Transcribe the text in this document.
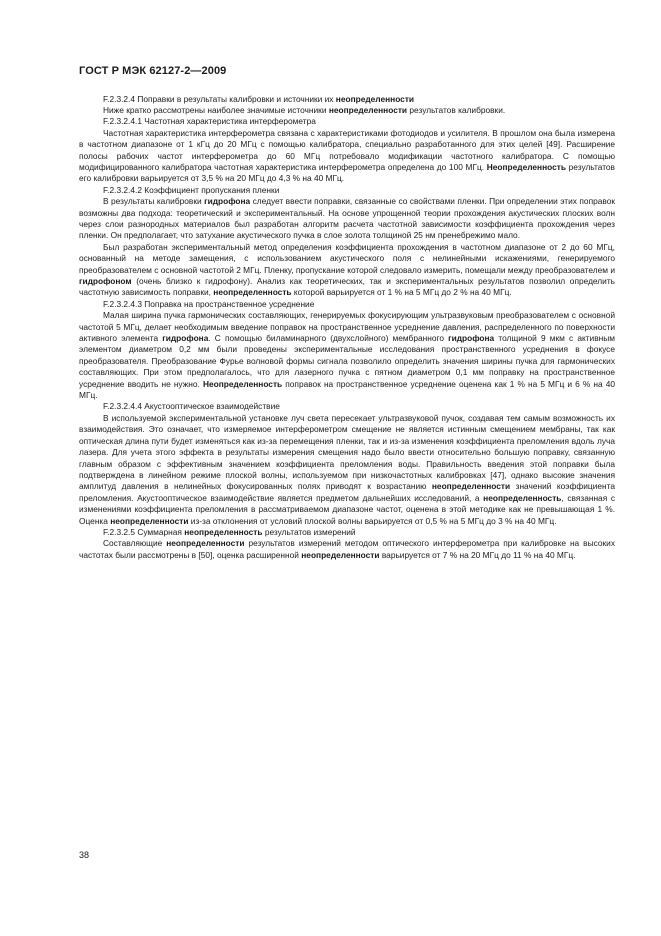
ГОСТ Р МЭК 62127-2—2009

F.2.3.2.4 Поправки в результаты калибровки и источники их неопределенности

Ниже кратко рассмотрены наиболее значимые источники неопределенности результатов калибровки.

F.2.3.2.4.1 Частотная характеристика интерферометра

Частотная характеристика интерферометра связана с характеристиками фотодиодов и усилителя. В прошлом она была измерена в частотном диапазоне от 1 кГц до 20 МГц с помощью калибратора, специально разработанного для этих целей [49]. Расширение полосы рабочих частот интерферометра до 60 МГц потребовало модификации частотного калибратора. С помощью модифицированного калибратора частотная характеристика интерферометра определена до 100 МГц. Неопределенность результатов его калибровки варьируется от 3,5 % на 20 МГц до 4,3 % на 40 МГц.

F.2.3.2.4.2 Коэффициент пропускания пленки

В результаты калибровки гидрофона следует ввести поправки, связанные со свойствами пленки. При определении этих поправок возможны два подхода: теоретический и экспериментальный. На основе упрощенной теории прохождения акустических плоских волн через слои разнородных материалов был разработан алгоритм расчета частотной зависимости коэффициента прохождения через пленки. Он предполагает, что затухание акустического пучка в слое золота толщиной 25 нм пренебрежимо мало.

Был разработан экспериментальный метод определения коэффициента прохождения в частотном диапазоне от 2 до 60 МГц, основанный на методе замещения, с использованием акустического поля с нелинейными искажениями, генерируемого преобразователем с основной частотой 2 МГц. Пленку, пропускание которой следовало измерить, помещали между преобразователем и гидрофоном (очень близко к гидрофону). Анализ как теоретических, так и экспериментальных результатов позволил определить частотную зависимость поправки, неопределенность которой варьируется от 1 % на 5 МГц до 2 % на 40 МГц.

F.2.3.2.4.3 Поправка на пространственное усреднение

Малая ширина пучка гармонических составляющих, генерируемых фокусирующим ультразвуковым преобразователем с основной частотой 5 МГц, делает необходимым введение поправок на пространственное усреднение давления, распределенного по поверхности активного элемента гидрофона. С помощью биламинарного (двухслойного) мембранного гидрофона толщиной 9 мкм с активным элементом диаметром 0,2 мм были проведены экспериментальные исследования пространственного усреднения в фокусе преобразователя. Преобразование Фурье волновой формы сигнала позволило определить значения ширины пучка для гармонических составляющих. При этом предполагалось, что для лазерного пучка с пятном диаметром 0,1 мм поправку на пространственное усреднение вводить не нужно. Неопределенность поправок на пространственное усреднение оценена как 1 % на 5 МГц и 6 % на 40 МГц.

F.2.3.2.4.4 Акустооптическое взаимодействие

В используемой экспериментальной установке луч света пересекает ультразвуковой пучок, создавая тем самым возможность их взаимодействия. Это означает, что измеряемое интерферометром смещение не является истинным смещением мембраны, так как оптическая длина пути будет изменяться как из-за перемещения пленки, так и из-за изменения коэффициента преломления вдоль луча лазера. Для учета этого эффекта в результаты измерения смещения надо было ввести относительно большую поправку, связанную главным образом с эффективным значением коэффициента преломления воды. Правильность введения этой поправки была подтверждена в линейном режиме плоской волны, используемом при низкочастотных калибровках [47], однако высокие значения амплитуд давления в нелинейных фокусированных полях приводят к возрастанию неопределенности значений коэффициента преломления. Акустооптическое взаимодействие является предметом дальнейших исследований, а неопределенность, связанная с изменениями коэффициента преломления в рассматриваемом диапазоне частот, оценена в этой методике как не превышающая 1 %. Оценка неопределенности из-за отклонения от условий плоской волны варьируется от 0,5 % на 5 МГц до 3 % на 40 МГц.

F.2.3.2.5 Суммарная неопределенность результатов измерений

Составляющие неопределенности результатов измерений методом оптического интерферометра при калибровке на высоких частотах были рассмотрены в [50], оценка расширенной неопределенности варьируется от 7 % на 20 МГц до 11 % на 40 МГц.

38
